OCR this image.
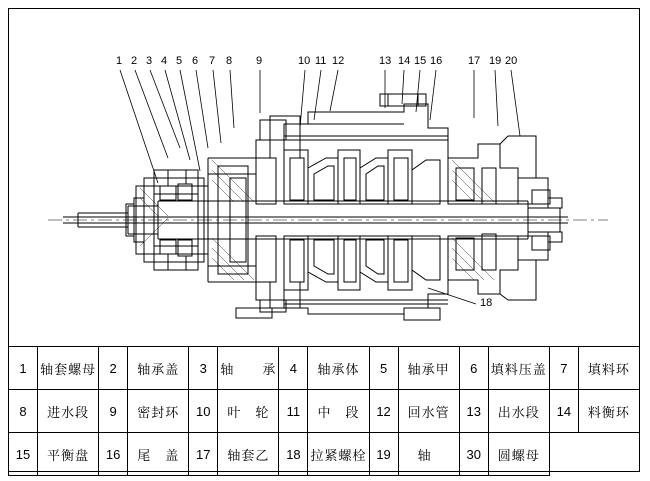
1 2 3 4 5 6 7 8 9	10 11 12	13 14 15 16 17 19 20
18
1	轴套螺母	2	轴承盖	3	轴　　承	4	轴承体	5	轴承甲	6	填料压盖	7	填料环
8	进水段	9	密封环	10	叶　轮	11	中　段	12	回水管	13	出水段	14	料衡环
15	平衡盘	16	尾　盖	17	轴套乙	18	拉紧螺栓	19	轴	30	圆螺母		
